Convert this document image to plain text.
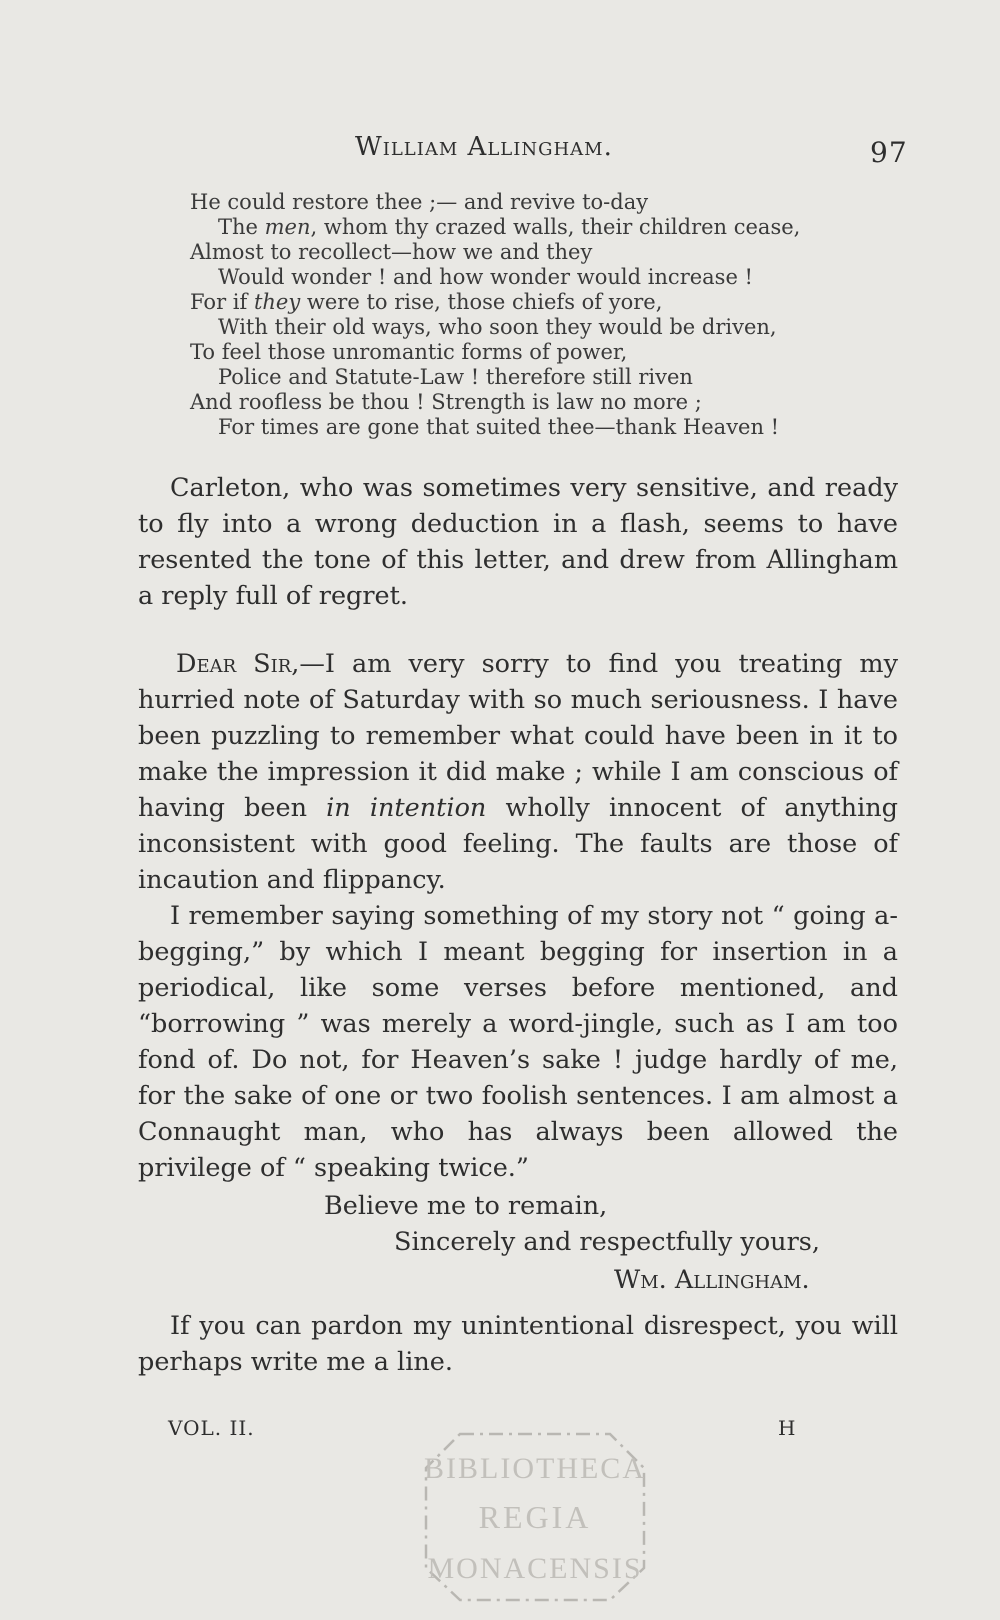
William Allingham.	97
He could restore thee ;— and revive to-day
The men, whom thy crazed walls, their children cease,
Almost to recollect—how we and they
Would wonder ! and how wonder would increase !
For if they were to rise, those chiefs of yore,
With their old ways, who soon they would be driven,
To feel those unromantic forms of power,
Police and Statute-Law ! therefore still riven
And roofless be thou ! Strength is law no more ;
For times are gone that suited thee—thank Heaven !

Carleton, who was sometimes very sensitive, and ready to fly into a wrong deduction in a flash, seems to have resented the tone of this letter, and drew from Allingham a reply full of regret.

Dear Sir,—I am very sorry to find you treating my hurried note of Saturday with so much seriousness. I have been puzzling to remember what could have been in it to make the impression it did make ; while I am conscious of having been in intention wholly innocent of anything inconsistent with good feeling. The faults are those of incaution and flippancy.

I remember saying something of my story not “ going a-begging,” by which I meant begging for insertion in a periodical, like some verses before mentioned, and “borrowing ” was merely a word-jingle, such as I am too fond of. Do not, for Heaven’s sake ! judge hardly of me, for the sake of one or two foolish sentences. I am almost a Connaught man, who has always been allowed the privilege of “ speaking twice.”

Believe me to remain,
Sincerely and respectfully yours,
Wm. Allingham.

If you can pardon my unintentional disrespect, you will perhaps write me a line.

VOL. II.	H
BIBLIOTHECA
REGIA
MONACENSIS
